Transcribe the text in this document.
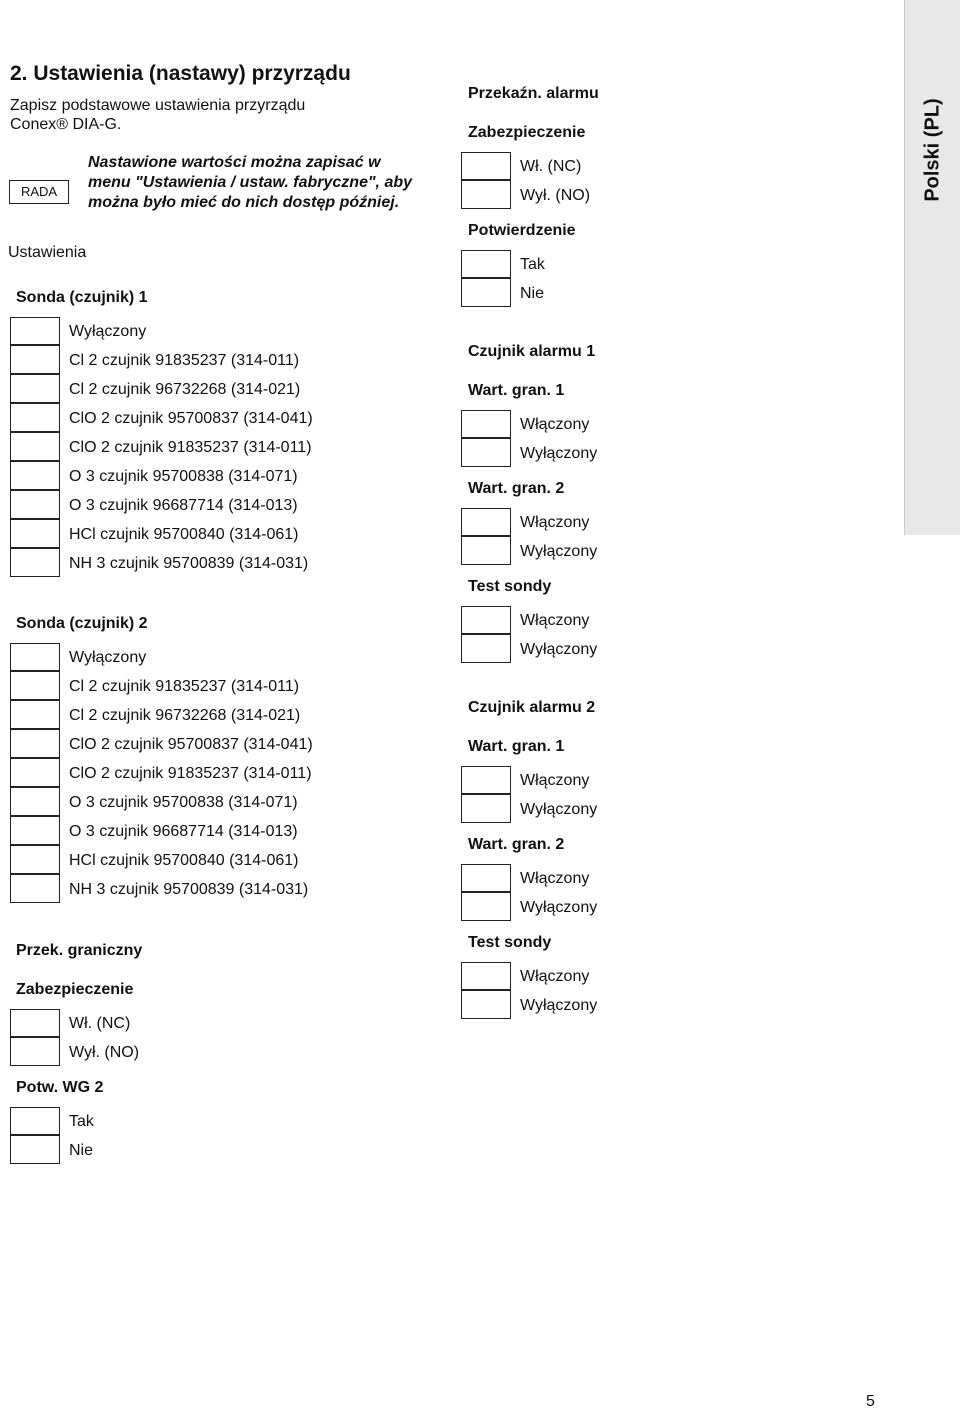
2. Ustawienia (nastawy) przyrządu
Zapisz podstawowe ustawienia przyrządu
Conex® DIA-G.
RADA
Nastawione wartości można zapisać w menu "Ustawienia / ustaw. fabryczne", aby można było mieć do nich dostęp później.
Ustawienia
Polski (PL)
Sonda (czujnik) 1
Wyłączony
Cl 2 czujnik 91835237 (314-011)
Cl 2 czujnik 96732268 (314-021)
ClO 2 czujnik 95700837 (314-041)
ClO 2 czujnik 91835237 (314-011)
O 3 czujnik 95700838 (314-071)
O 3 czujnik 96687714 (314-013)
HCl czujnik 95700840 (314-061)
NH 3 czujnik 95700839 (314-031)
Sonda (czujnik) 2
Wyłączony
Cl 2 czujnik 91835237 (314-011)
Cl 2 czujnik 96732268 (314-021)
ClO 2 czujnik 95700837 (314-041)
ClO 2 czujnik 91835237 (314-011)
O 3 czujnik 95700838 (314-071)
O 3 czujnik 96687714 (314-013)
HCl czujnik 95700840 (314-061)
NH 3 czujnik 95700839 (314-031)
Przek. graniczny
Zabezpieczenie
Wł. (NC)
Wył. (NO)
Potw. WG 2
Tak
Nie
Przekaźn. alarmu
Zabezpieczenie
Wł. (NC)
Wył. (NO)
Potwierdzenie
Tak
Nie
Czujnik alarmu 1
Wart. gran. 1
Włączony
Wyłączony
Wart. gran. 2
Włączony
Wyłączony
Test sondy
Włączony
Wyłączony
Czujnik alarmu 2
Wart. gran. 1
Włączony
Wyłączony
Wart. gran. 2
Włączony
Wyłączony
Test sondy
Włączony
Wyłączony
5
